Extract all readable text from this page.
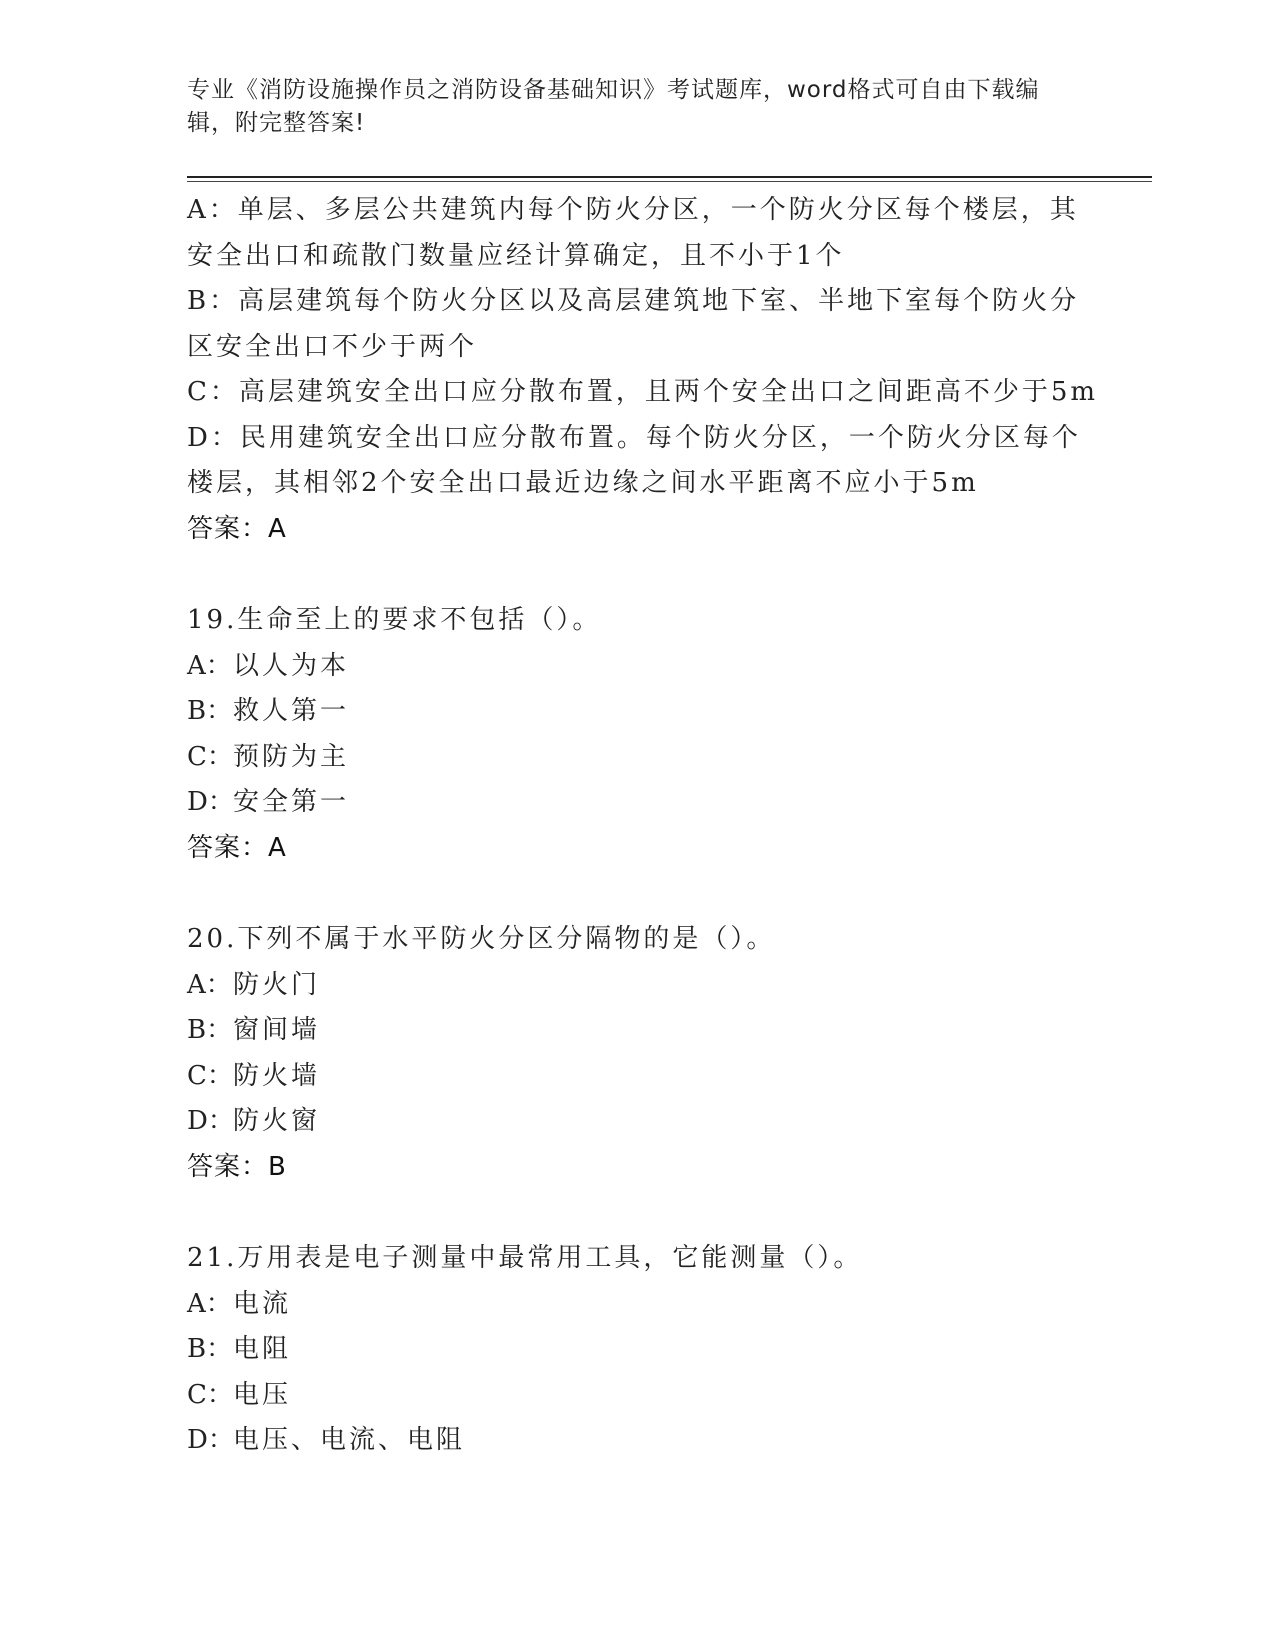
专业《消防设施操作员之消防设备基础知识》考试题库，word格式可自由下载编
辑，附完整答案!
A：单层、多层公共建筑内每个防火分区，一个防火分区每个楼层，其
安全出口和疏散门数量应经计算确定，且不小于1个
B：高层建筑每个防火分区以及高层建筑地下室、半地下室每个防火分
区安全出口不少于两个
C：高层建筑安全出口应分散布置，且两个安全出口之间距高不少于5m
D：民用建筑安全出口应分散布置。每个防火分区，一个防火分区每个
楼层，其相邻2个安全出口最近边缘之间水平距离不应小于5m
答案：A
19.生命至上的要求不包括（）。
A：以人为本
B：救人第一
C：预防为主
D：安全第一
答案：A
20.下列不属于水平防火分区分隔物的是（）。
A：防火门
B：窗间墙
C：防火墙
D：防火窗
答案：B
21.万用表是电子测量中最常用工具，它能测量（）。
A：电流
B：电阻
C：电压
D：电压、电流、电阻
